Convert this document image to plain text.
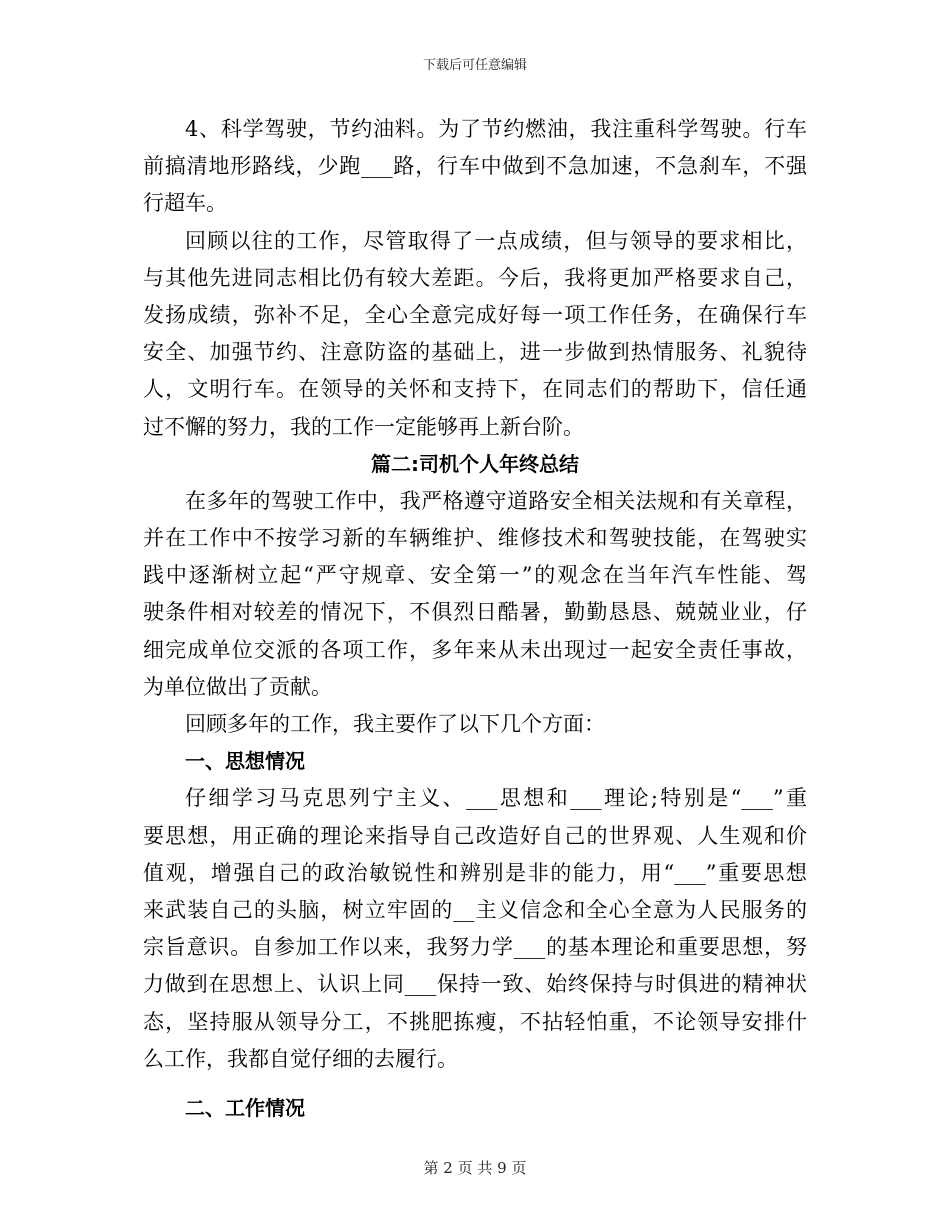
下载后可任意编辑
4、科学驾驶，节约油料。为了节约燃油，我注重科学驾驶。行车
前搞清地形路线，少跑___路，行车中做到不急加速，不急刹车，不强
行超车。
回顾以往的工作，尽管取得了一点成绩，但与领导的要求相比，
与其他先进同志相比仍有较大差距。今后，我将更加严格要求自己，
发扬成绩，弥补不足，全心全意完成好每一项工作任务，在确保行车
安全、加强节约、注意防盗的基础上，进一步做到热情服务、礼貌待
人，文明行车。在领导的关怀和支持下，在同志们的帮助下，信任通
过不懈的努力，我的工作一定能够再上新台阶。
篇二:司机个人年终总结
在多年的驾驶工作中，我严格遵守道路安全相关法规和有关章程，
并在工作中不按学习新的车辆维护、维修技术和驾驶技能，在驾驶实
践中逐渐树立起“严守规章、安全第一”的观念在当年汽车性能、驾
驶条件相对较差的情况下，不俱烈日酷暑，勤勤恳恳、兢兢业业，仔
细完成单位交派的各项工作，多年来从未出现过一起安全责任事故，
为单位做出了贡献。
回顾多年的工作，我主要作了以下几个方面：
一、思想情况
仔细学习马克思列宁主义、___思想和___理论;特别是“___”重
要思想，用正确的理论来指导自己改造好自己的世界观、人生观和价
值观，增强自己的政治敏锐性和辨别是非的能力，用“___”重要思想
来武装自己的头脑，树立牢固的__主义信念和全心全意为人民服务的
宗旨意识。自参加工作以来，我努力学___的基本理论和重要思想，努
力做到在思想上、认识上同___保持一致、始终保持与时俱进的精神状
态，坚持服从领导分工，不挑肥拣瘦，不拈轻怕重，不论领导安排什
么工作，我都自觉仔细的去履行。
二、工作情况
第 2 页 共 9 页
